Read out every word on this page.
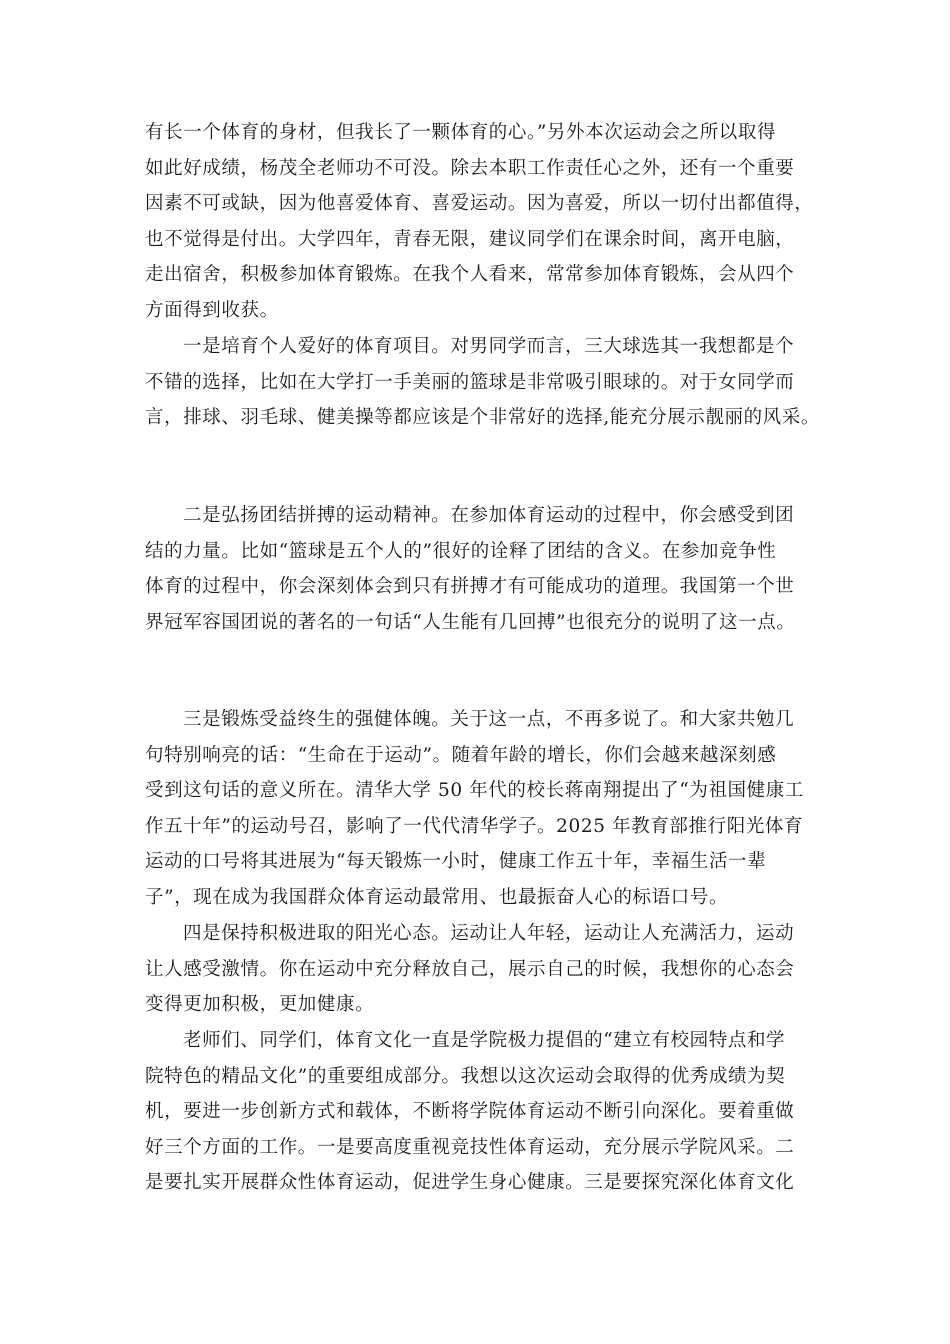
有长一个体育的身材，但我长了一颗体育的心。”另外本次运动会之所以取得
如此好成绩，杨茂全老师功不可没。除去本职工作责任心之外，还有一个重要
因素不可或缺，因为他喜爱体育、喜爱运动。因为喜爱，所以一切付出都值得，
也不觉得是付出。大学四年，青春无限，建议同学们在课余时间，离开电脑，
走出宿舍，积极参加体育锻炼。在我个人看来，常常参加体育锻炼，会从四个
方面得到收获。
一是培育个人爱好的体育项目。对男同学而言，三大球选其一我想都是个
不错的选择，比如在大学打一手美丽的篮球是非常吸引眼球的。对于女同学而
言，排球、羽毛球、健美操等都应该是个非常好的选择,能充分展示靓丽的风采。
二是弘扬团结拼搏的运动精神。在参加体育运动的过程中，你会感受到团
结的力量。比如“篮球是五个人的”很好的诠释了团结的含义。在参加竞争性
体育的过程中，你会深刻体会到只有拼搏才有可能成功的道理。我国第一个世
界冠军容国团说的著名的一句话“人生能有几回搏”也很充分的说明了这一点。
三是锻炼受益终生的强健体魄。关于这一点，不再多说了。和大家共勉几
句特别响亮的话：“生命在于运动”。随着年龄的增长，你们会越来越深刻感
受到这句话的意义所在。清华大学 50 年代的校长蒋南翔提出了“为祖国健康工
作五十年”的运动号召，影响了一代代清华学子。2025 年教育部推行阳光体育
运动的口号将其进展为“每天锻炼一小时，健康工作五十年，幸福生活一辈
子”，现在成为我国群众体育运动最常用、也最振奋人心的标语口号。
四是保持积极进取的阳光心态。运动让人年轻，运动让人充满活力，运动
让人感受激情。你在运动中充分释放自己，展示自己的时候，我想你的心态会
变得更加积极，更加健康。
老师们、同学们，体育文化一直是学院极力提倡的“建立有校园特点和学
院特色的精品文化”的重要组成部分。我想以这次运动会取得的优秀成绩为契
机，要进一步创新方式和载体，不断将学院体育运动不断引向深化。要着重做
好三个方面的工作。一是要高度重视竞技性体育运动，充分展示学院风采。二
是要扎实开展群众性体育运动，促进学生身心健康。三是要探究深化体育文化
